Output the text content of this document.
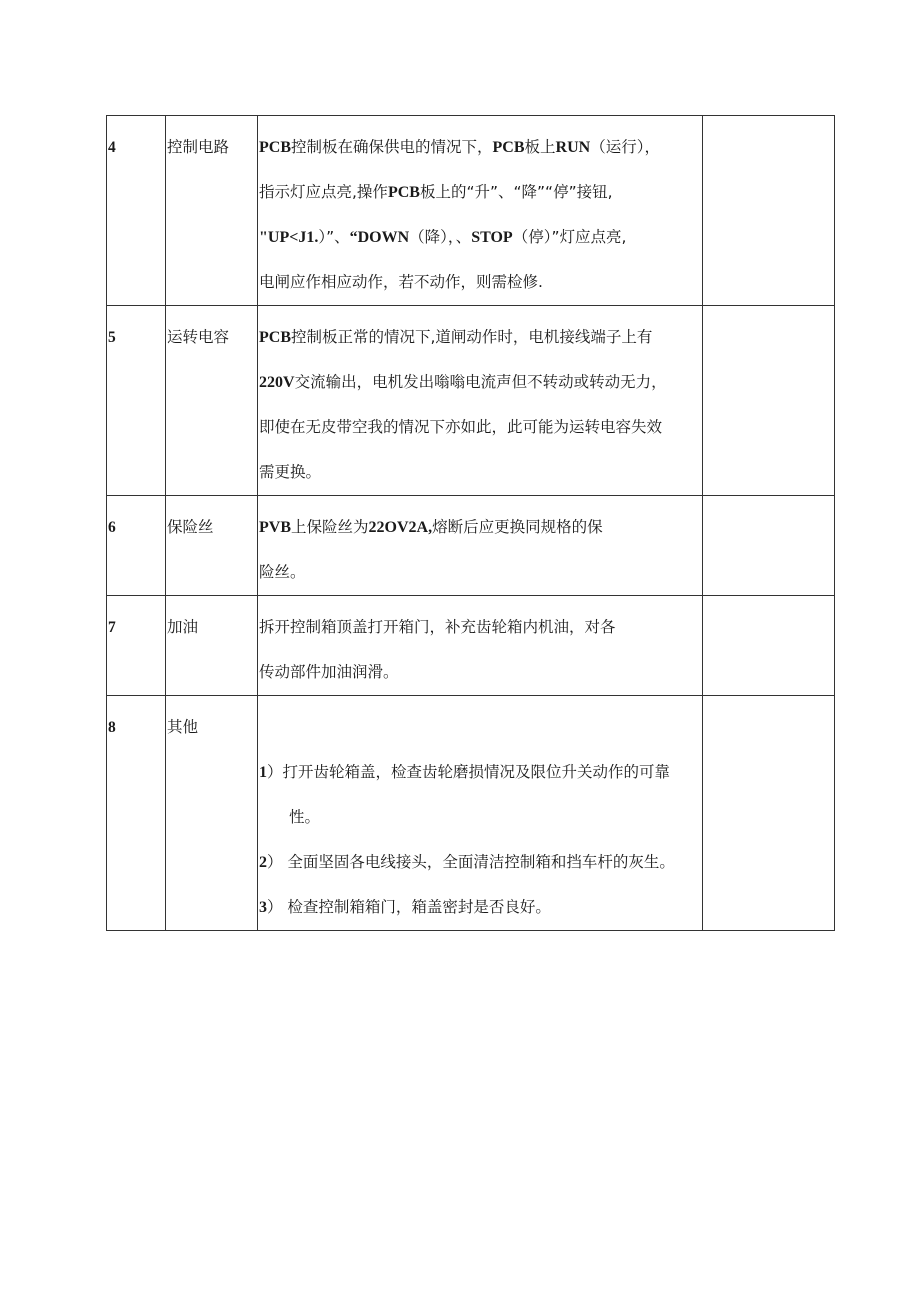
4	控制电路	PCB控制板在确保供电的情况下，PCB板上RUN（运行），
指示灯应点亮,操作PCB板上的“升”、“降”“停”接钮,
"UP<J1.）”、“DOWN（降），、STOP（停）”灯应点亮,
电闸应作相应动作，若不动作，则需检修.	

5	运转电容	PCB控制板正常的情况下,道闸动作时，电机接线端子上有
220V交流输出，电机发出嗡嗡电流声但不转动或转动无力，
即使在无皮带空我的情况下亦如此，此可能为运转电容失效
需更换。	

6	保险丝	PVB上保险丝为22OV2A,熔断后应更换同规格的保
险丝。	

7	加油	拆开控制箱顶盖打开箱门，补充齿轮箱内机油，对各
传动部件加油润滑。	

8	其他	1）打开齿轮箱盖，检查齿轮磨损情况及限位升关动作的可靠
性。
2） 全面坚固各电线接头，全面清洁控制箱和挡车杆的灰生。
3） 检查控制箱箱门，箱盖密封是否良好。	
